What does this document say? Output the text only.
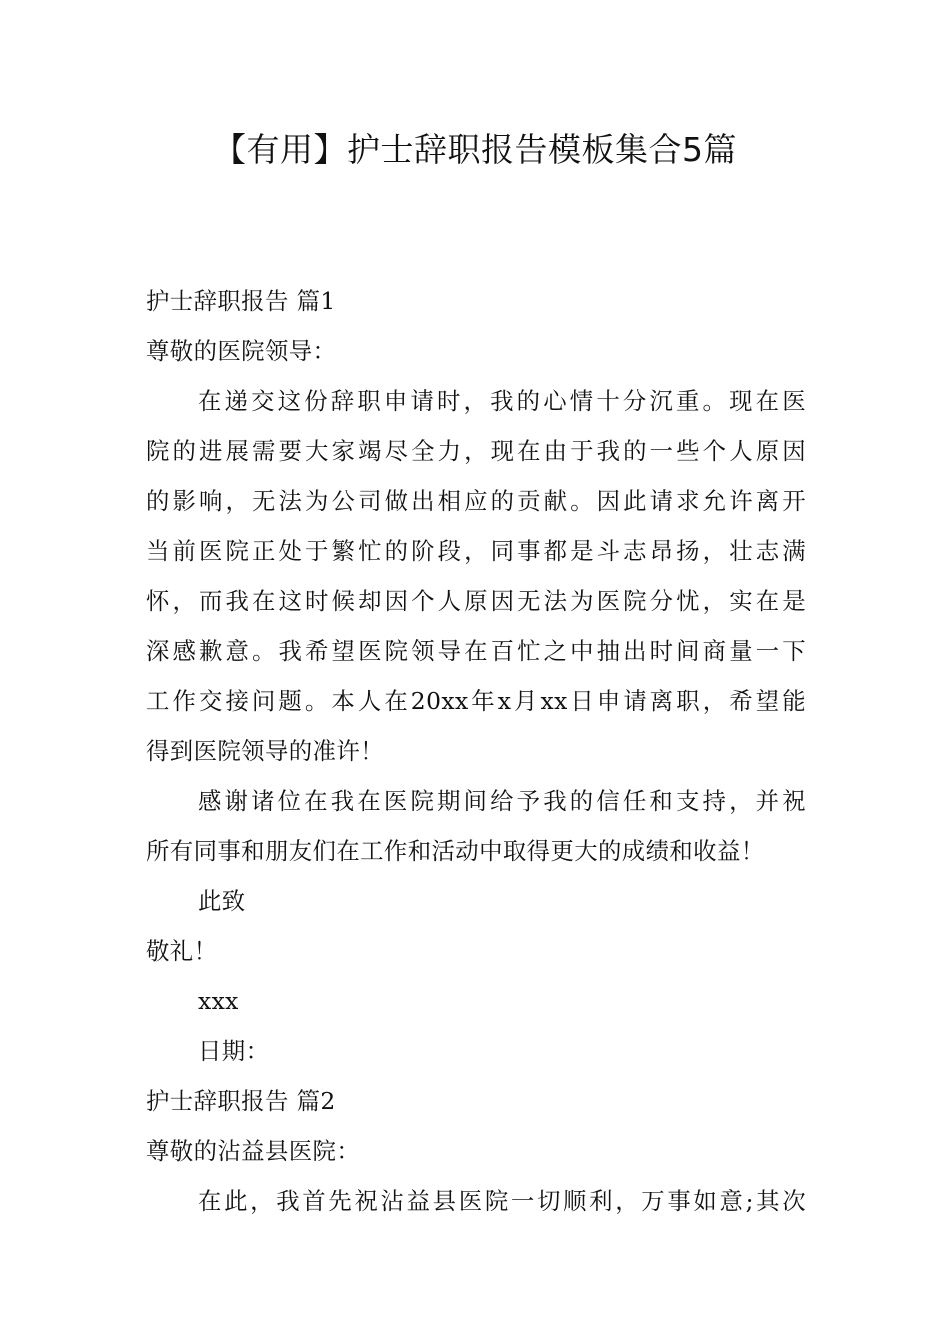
【有用】护士辞职报告模板集合5篇

护士辞职报告 篇1

尊敬的医院领导：

在递交这份辞职申请时，我的心情十分沉重。现在医
院的进展需要大家竭尽全力，现在由于我的一些个人原因
的影响，无法为公司做出相应的贡献。因此请求允许离开
当前医院正处于繁忙的阶段，同事都是斗志昂扬，壮志满
怀，而我在这时候却因个人原因无法为医院分忧，实在是
深感歉意。我希望医院领导在百忙之中抽出时间商量一下
工作交接问题。本人在20xx年x月xx日申请离职，希望能
得到医院领导的准许！
感谢诸位在我在医院期间给予我的信任和支持，并祝
所有同事和朋友们在工作和活动中取得更大的成绩和收益！

此致

敬礼！

xxx

日期：

护士辞职报告 篇2

尊敬的沾益县医院：

在此，我首先祝沾益县医院一切顺利，万事如意;其次
